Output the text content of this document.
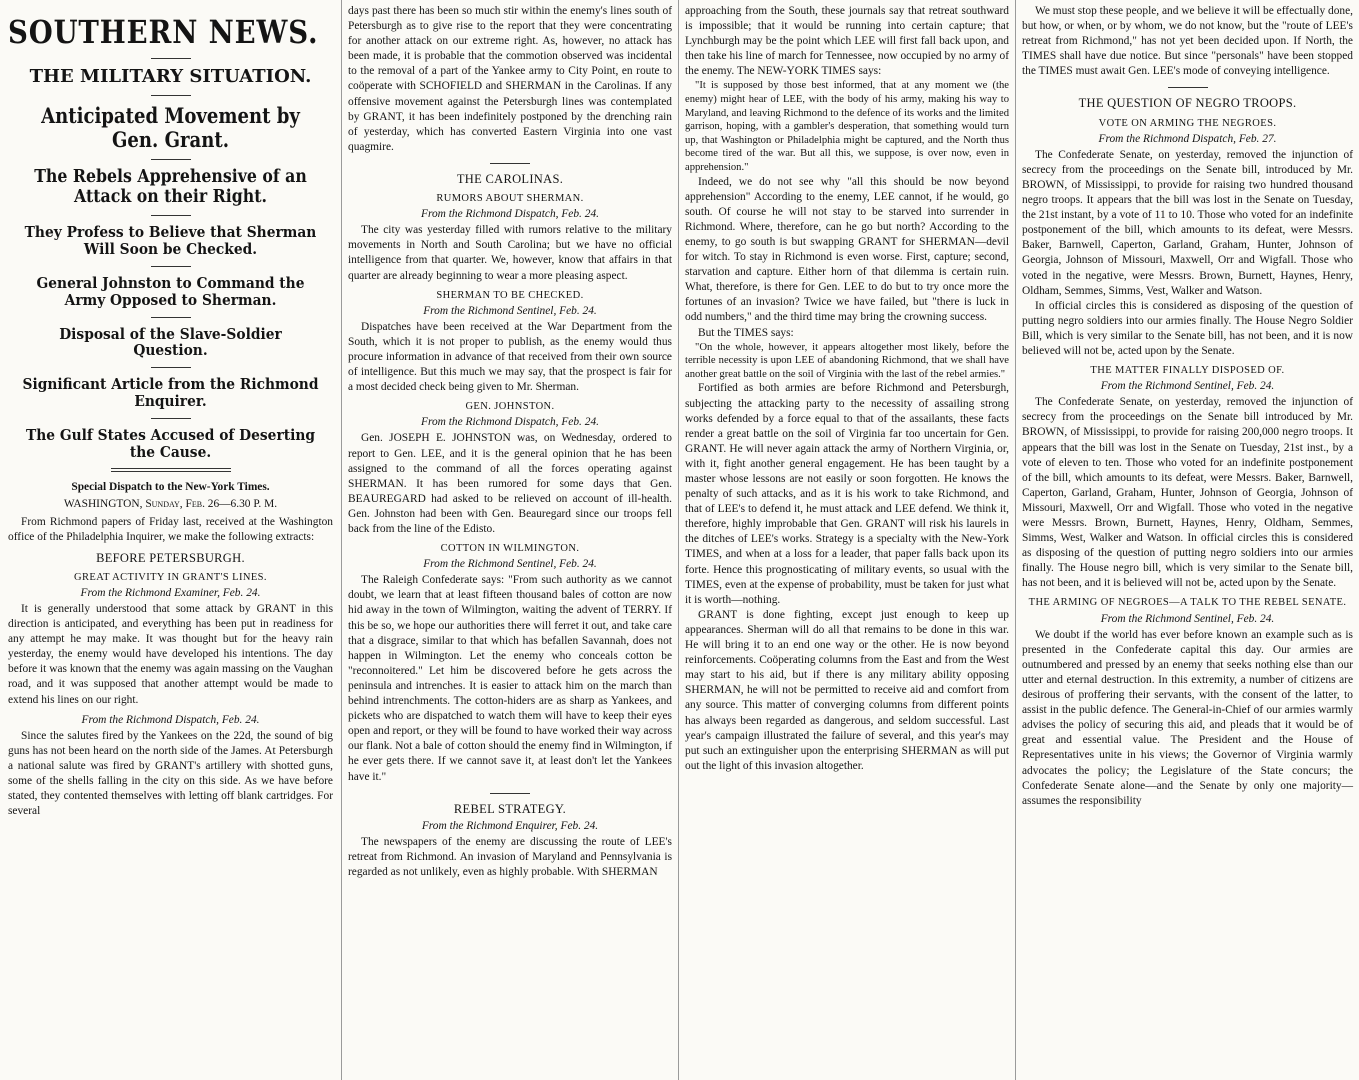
SOUTHERN NEWS.
THE MILITARY SITUATION.
Anticipated Movement by Gen. Grant.
The Rebels Apprehensive of an Attack on their Right.
They Profess to Believe that Sherman Will Soon be Checked.
General Johnston to Command the Army Opposed to Sherman.
Disposal of the Slave-Soldier Question.
Significant Article from the Richmond Enquirer.
The Gulf States Accused of Deserting the Cause.
Special Dispatch to the New-York Times.
WASHINGTON, Sunday, Feb. 26—6.30 P. M.

From Richmond papers of Friday last, received at the Washington office of the Philadelphia Inquirer, we make the following extracts:

BEFORE PETERSBURGH.
GREAT ACTIVITY IN GRANT'S LINES.
From the Richmond Examiner, Feb. 24.

It is generally understood that some attack by GRANT in this direction is anticipated, and everything has been put in readiness for any attempt he may make. It was thought but for the heavy rain yesterday, the enemy would have developed his intentions. The day before it was known that the enemy was again massing on the Vaughan road, and it was supposed that another attempt would be made to extend his lines on our right.

From the Richmond Dispatch, Feb. 24.

Since the salutes fired by the Yankees on the 22d, the sound of big guns has not been heard on the north side of the James. At Petersburgh a national salute was fired by GRANT's artillery with shotted guns, some of the shells falling in the city on this side. As we have before stated, they contented themselves with letting off blank cartridges. For several

days past there has been so much stir within the enemy's lines south of Petersburgh as to give rise to the report that they were concentrating for another attack on our extreme right. As, however, no attack has been made, it is probable that the commotion observed was incidental to the removal of a part of the Yankee army to City Point, en route to coöperate with SCHOFIELD and SHERMAN in the Carolinas. If any offensive movement against the Petersburgh lines was contemplated by GRANT, it has been indefinitely postponed by the drenching rain of yesterday, which has converted Eastern Virginia into one vast quagmire.

THE CAROLINAS.
RUMORS ABOUT SHERMAN.
From the Richmond Dispatch, Feb. 24.

The city was yesterday filled with rumors relative to the military movements in North and South Carolina; but we have no official intelligence from that quarter. We, however, know that affairs in that quarter are already beginning to wear a more pleasing aspect.

SHERMAN TO BE CHECKED.
From the Richmond Sentinel, Feb. 24.

Dispatches have been received at the War Department from the South, which it is not proper to publish, as the enemy would thus procure information in advance of that received from their own source of intelligence. But this much we may say, that the prospect is fair for a most decided check being given to Mr. Sherman.

GEN. JOHNSTON.
From the Richmond Dispatch, Feb. 24.

Gen. JOSEPH E. JOHNSTON was, on Wednesday, ordered to report to Gen. LEE, and it is the general opinion that he has been assigned to the command of all the forces operating against SHERMAN. It has been rumored for some days that Gen. BEAUREGARD had asked to be relieved on account of ill-health. Gen. Johnston had been with Gen. Beauregard since our troops fell back from the line of the Edisto.

COTTON IN WILMINGTON.
From the Richmond Sentinel, Feb. 24.

The Raleigh Confederate says: "From such authority as we cannot doubt, we learn that at least fifteen thousand bales of cotton are now hid away in the town of Wilmington, waiting the advent of TERRY. If this be so, we hope our authorities there will ferret it out, and take care that a disgrace, similar to that which has befallen Savannah, does not happen in Wilmington. Let the enemy who conceals cotton be "reconnoitered." Let him be discovered before he gets across the peninsula and intrenches. It is easier to attack him on the march than behind intrenchments. The cotton-hiders are as sharp as Yankees, and pickets who are dispatched to watch them will have to keep their eyes open and report, or they will be found to have worked their way across our flank. Not a bale of cotton should the enemy find in Wilmington, if he ever gets there. If we cannot save it, at least don't let the Yankees have it."

REBEL STRATEGY.
From the Richmond Enquirer, Feb. 24.

The newspapers of the enemy are discussing the route of LEE's retreat from Richmond. An invasion of Maryland and Pennsylvania is regarded as not unlikely, even as highly probable. With SHERMAN

approaching from the South, these journals say that retreat southward is impossible; that it would be running into certain capture; that Lynchburgh may be the point which LEE will first fall back upon, and then take his line of march for Tennessee, now occupied by no army of the enemy. The NEW-YORK TIMES says:

"It is supposed by those best informed, that at any moment we (the enemy) might hear of LEE, with the body of his army, making his way to Maryland, and leaving Richmond to the defence of its works and the limited garrison, hoping, with a gambler's desperation, that something would turn up, that Washington or Philadelphia might be captured, and the North thus become tired of the war. But all this, we suppose, is over now, even in apprehension."

Indeed, we do not see why "all this should be now beyond apprehension" According to the enemy, LEE cannot, if he would, go south. Of course he will not stay to be starved into surrender in Richmond. Where, therefore, can he go but north? According to the enemy, to go south is but swapping GRANT for SHERMAN—devil for witch. To stay in Richmond is even worse. First, capture; second, starvation and capture. Either horn of that dilemma is certain ruin. What, therefore, is there for Gen. LEE to do but to try once more the fortunes of an invasion? Twice we have failed, but "there is luck in odd numbers," and the third time may bring the crowning success.

But the TIMES says:

"On the whole, however, it appears altogether most likely, before the terrible necessity is upon LEE of abandoning Richmond, that we shall have another great battle on the soil of Virginia with the last of the rebel armies."

Fortified as both armies are before Richmond and Petersburgh, subjecting the attacking party to the necessity of assailing strong works defended by a force equal to that of the assailants, these facts render a great battle on the soil of Virginia far too uncertain for Gen. GRANT. He will never again attack the army of Northern Virginia, or, with it, fight another general engagement. He has been taught by a master whose lessons are not easily or soon forgotten. He knows the penalty of such attacks, and as it is his work to take Richmond, and that of LEE's to defend it, he must attack and LEE defend. We think it, therefore, highly improbable that Gen. GRANT will risk his laurels in the ditches of LEE's works. Strategy is a specialty with the New-York TIMES, and when at a loss for a leader, that paper falls back upon its forte. Hence this prognosticating of military events, so usual with the TIMES, even at the expense of probability, must be taken for just what it is worth—nothing.

GRANT is done fighting, except just enough to keep up appearances. Sherman will do all that remains to be done in this war. He will bring it to an end one way or the other. He is now beyond reinforcements. Coöperating columns from the East and from the West may start to his aid, but if there is any military ability opposing SHERMAN, he will not be permitted to receive aid and comfort from any source. This matter of converging columns from different points has always been regarded as dangerous, and seldom successful. Last year's campaign illustrated the failure of several, and this year's may put such an extinguisher upon the enterprising SHERMAN as will put out the light of this invasion altogether.

We must stop these people, and we believe it will be effectually done, but how, or when, or by whom, we do not know, but the "route of LEE's retreat from Richmond," has not yet been decided upon. If North, the TIMES shall have due notice. But since "personals" have been stopped the TIMES must await Gen. LEE's mode of conveying intelligence.

THE QUESTION OF NEGRO TROOPS.
VOTE ON ARMING THE NEGROES.
From the Richmond Dispatch, Feb. 27.

The Confederate Senate, on yesterday, removed the injunction of secrecy from the proceedings on the Senate bill, introduced by Mr. BROWN, of Mississippi, to provide for raising two hundred thousand negro troops. It appears that the bill was lost in the Senate on Tuesday, the 21st instant, by a vote of 11 to 10. Those who voted for an indefinite postponement of the bill, which amounts to its defeat, were Messrs. Baker, Barnwell, Caperton, Garland, Graham, Hunter, Johnson of Georgia, Johnson of Missouri, Maxwell, Orr and Wigfall. Those who voted in the negative, were Messrs. Brown, Burnett, Haynes, Henry, Oldham, Semmes, Simms, Vest, Walker and Watson.

In official circles this is considered as disposing of the question of putting negro soldiers into our armies finally. The House Negro Soldier Bill, which is very similar to the Senate bill, has not been, and it is now believed will not be, acted upon by the Senate.

THE MATTER FINALLY DISPOSED OF.
From the Richmond Sentinel, Feb. 24.

The Confederate Senate, on yesterday, removed the injunction of secrecy from the proceedings on the Senate bill introduced by Mr. BROWN, of Mississippi, to provide for raising 200,000 negro troops. It appears that the bill was lost in the Senate on Tuesday, 21st inst., by a vote of eleven to ten. Those who voted for an indefinite postponement of the bill, which amounts to its defeat, were Messrs. Baker, Barnwell, Caperton, Garland, Graham, Hunter, Johnson of Georgia, Johnson of Missouri, Maxwell, Orr and Wigfall. Those who voted in the negative were Messrs. Brown, Burnett, Haynes, Henry, Oldham, Semmes, Simms, West, Walker and Watson. In official circles this is considered as disposing of the question of putting negro soldiers into our armies finally. The House negro bill, which is very similar to the Senate bill, has not been, and it is believed will not be, acted upon by the Senate.

THE ARMING OF NEGROES—A TALK TO THE REBEL SENATE.
From the Richmond Sentinel, Feb. 24.

We doubt if the world has ever before known an example such as is presented in the Confederate capital this day. Our armies are outnumbered and pressed by an enemy that seeks nothing else than our utter and eternal destruction. In this extremity, a number of citizens are desirous of proffering their servants, with the consent of the latter, to assist in the public defence. The General-in-Chief of our armies warmly advises the policy of securing this aid, and pleads that it would be of great and essential value. The President and the House of Representatives unite in his views; the Governor of Virginia warmly advocates the policy; the Legislature of the State concurs; the Confederate Senate alone—and the Senate by only one majority—assumes the responsibility
